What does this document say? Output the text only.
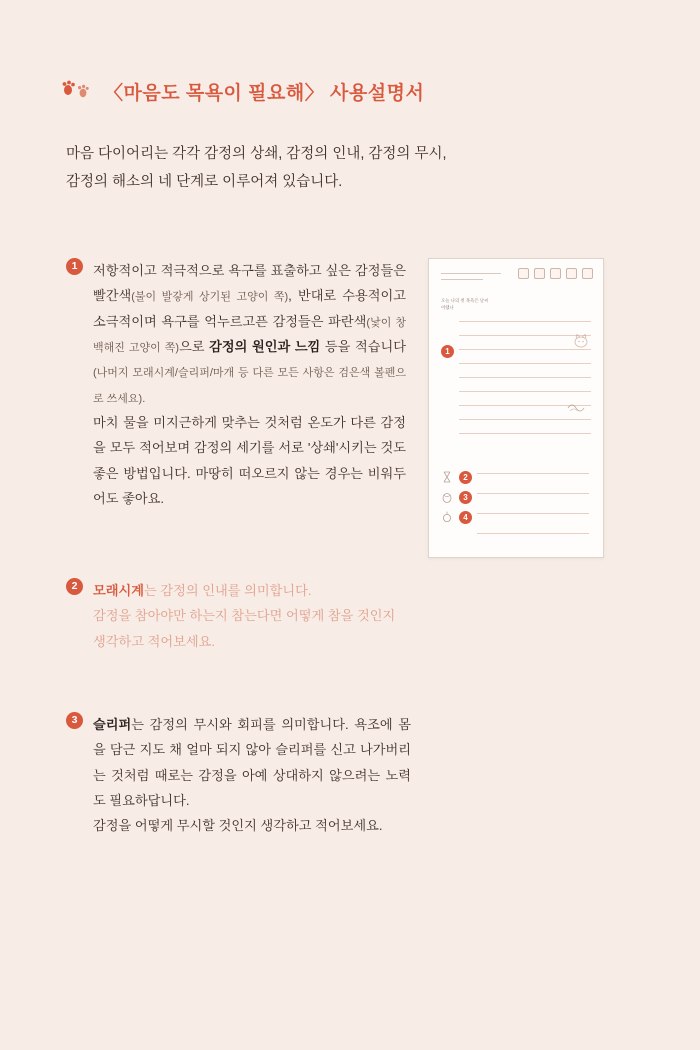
〈마음도 목욕이 필요해〉 사용설명서
마음 다이어리는 각각 감정의 상쇄, 감정의 인내, 감정의 무시,
감정의 해소의 네 단계로 이루어져 있습니다.
1	저항적이고 적극적으로 욕구를 표출하고 싶은 감정들은 빨간색(불이 발갛게 상기된 고양이 쪽), 반대로 수용적이고 소극적이며 욕구를 억누르고픈 감정들은 파란색(낯이 창백해진 고양이 쪽)으로 감정의 원인과 느낌 등을 적습니다(나머지 모래시계/슬리퍼/마개 등 다른 모든 사항은 검은색 볼펜으로 쓰세요).

마치 물을 미지근하게 맞추는 것처럼 온도가 다른 감정을 모두 적어보며 감정의 세기를 서로 '상쇄'시키는 것도 좋은 방법입니다. 마땅히 떠오르지 않는 경우는 비워두어도 좋아요.

2	모래시계는 감정의 인내를 의미합니다.

감정을 참아야만 하는지 참는다면 어떻게 참을 것인지 생각하고 적어보세요.

3	슬리퍼는 감정의 무시와 회피를 의미합니다. 욕조에 몸을 담근 지도 채 얼마 되지 않아 슬리퍼를 신고 나가버리는 것처럼 때로는 감정을 아예 상대하지 않으려는 노력도 필요하답니다.

감정을 어떻게 무시할 것인지 생각하고 적어보세요.

오늘 나의 첫 목욕은 날씨
어땠나
1
2
3
4
